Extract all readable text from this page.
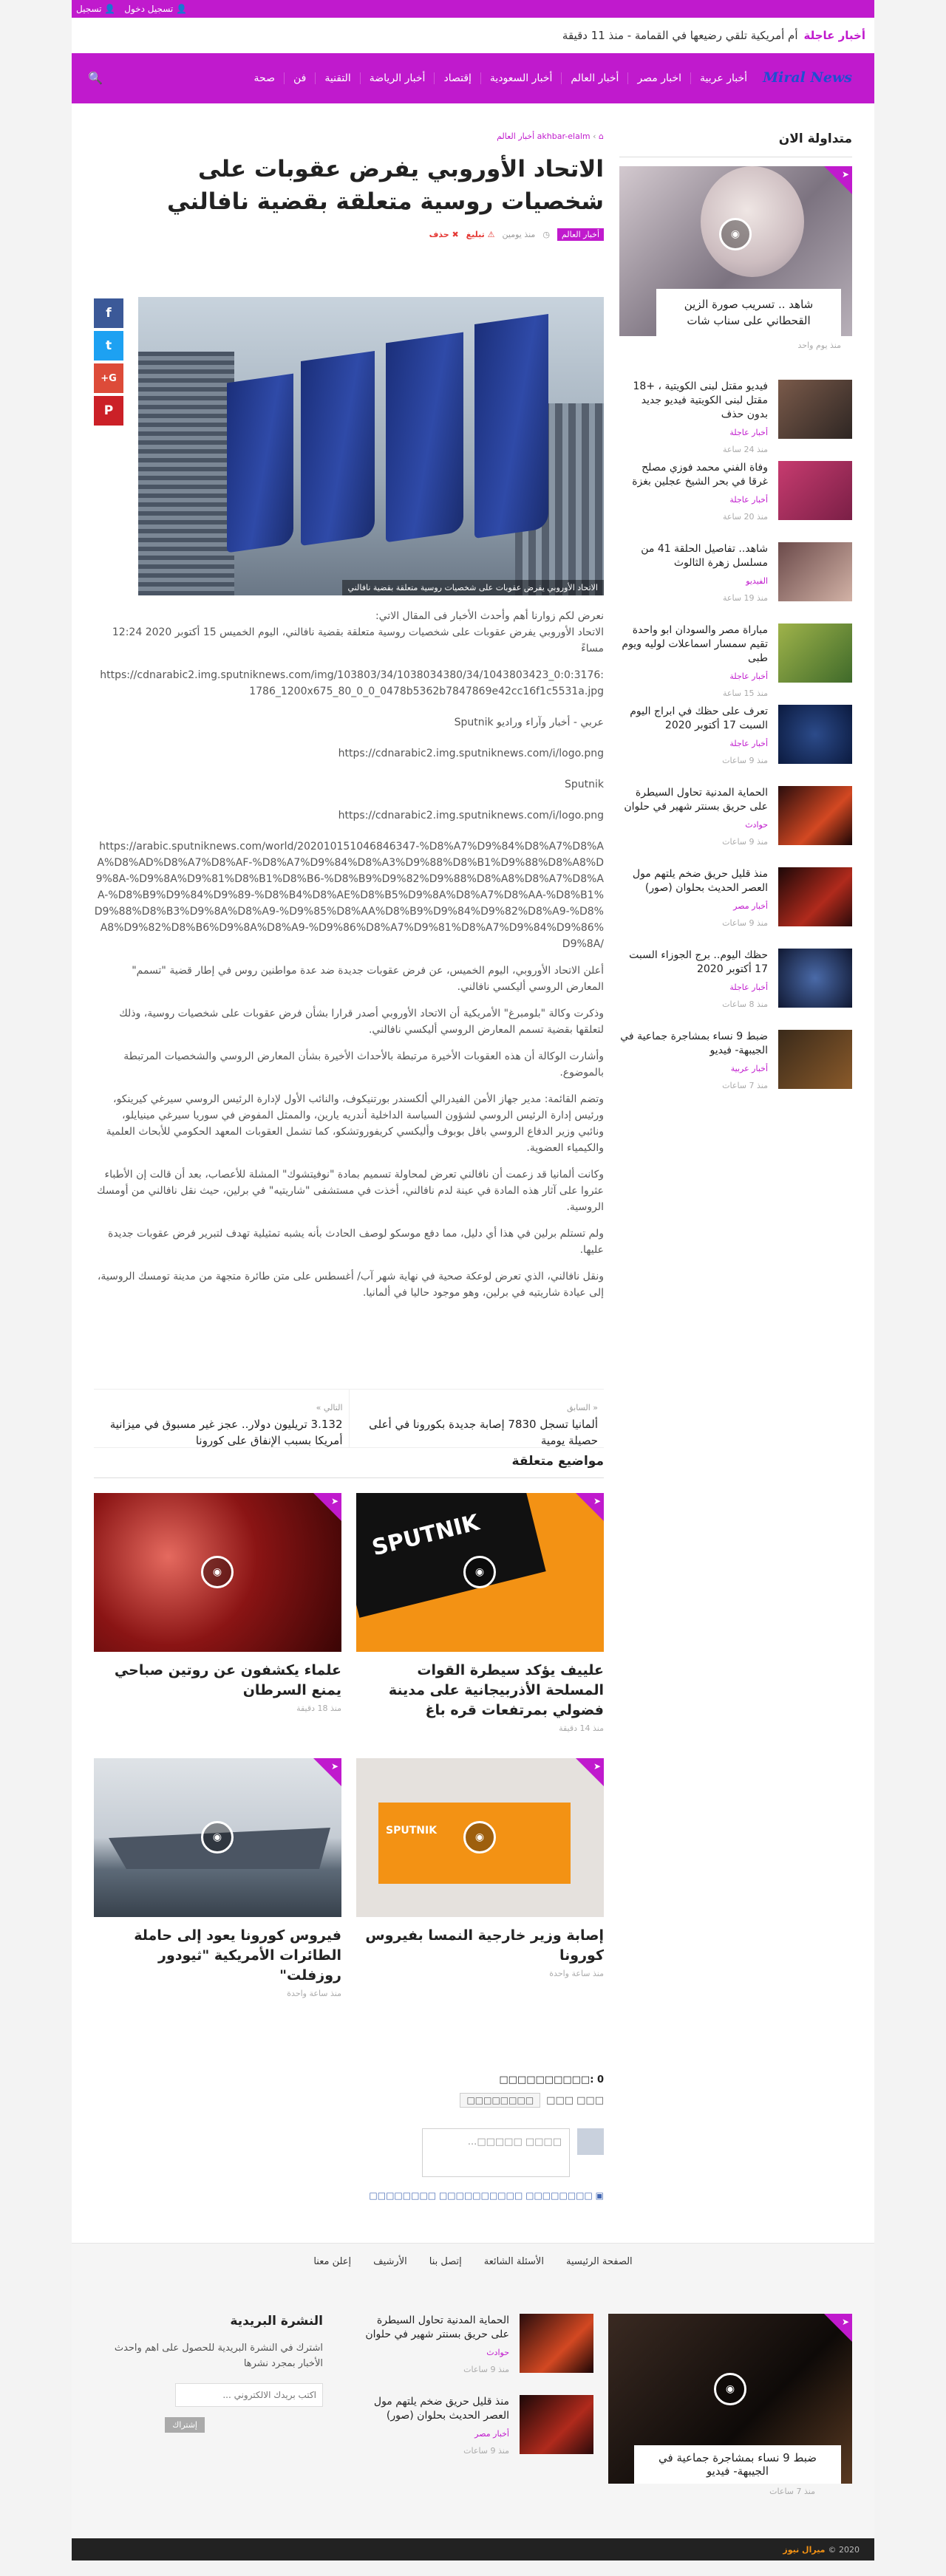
👤 تسجيل دخول
👤 تسجيل
أخبار عاجلة
أم أمريكية تلقي رضيعها في القمامة - منذ 11 دقيقة
Miral News
أخبار عربية
اخبار مصر
أخبار العالم
أخبار السعودية
إقتصاد
أخبار الرياضة
التقنية
فن
صحة
🔍
متداولة الان
➤
◉
شاهد .. تسريب صورة الزين القحطاني على سناب شات
منذ يوم واحد
فيديو مقتل لبنى الكويتية ، +18 مقتل لبنى الكويتية فيديو جديد بدون حذف
أخبار عاجلة
منذ 24 ساعة
وفاة الفني محمد فوزي مصلح غرقا في بحر الشيخ عجلين بغزة
أخبار عاجلة
منذ 20 ساعة
شاهد.. تفاصيل الحلقة 41 من مسلسل زهرة الثالوث
الفيديو
منذ 19 ساعة
مباراة مصر والسودان ابو واحدة تقيم سمسار اسماعلات لوليه ويوم طبى
أخبار عاجلة
منذ 15 ساعة
تعرف على حظك في ابراج اليوم السبت 17 أكتوبر 2020
أخبار عاجلة
منذ 9 ساعات
الحماية المدنية تحاول السيطرة على حريق بسنتر شهير في حلوان
حوادث
منذ 9 ساعات
منذ قليل حريق ضخم يلتهم مول العصر الحديث بحلوان (صور)
أخبار مصر
منذ 9 ساعات
حظك اليوم.. برج الجوزاء السبت 17 أكتوبر 2020
أخبار عاجلة
منذ 8 ساعات
ضبط 9 نساء بمشاجرة جماعية في الجيبهة- فيديو
أخبار عربية
منذ 7 ساعات
⌂ › akhbar-elalm أخبار العالم
الاتحاد الأوروبي يفرض عقوبات على شخصيات روسية متعلقة بقضية نافالني
أخبار العالم
◷
منذ يومين
⚠ تبليغ
✖ حذف
f
t
G+
P
الاتحاد الأوروبي يفرض عقوبات على شخصيات روسية متعلقة بقضية نافالني

نعرض لكم زوارنا أهم وأحدث الأخبار فى المقال الاتي:

الاتحاد الأوروبي يفرض عقوبات على شخصيات روسية متعلقة بقضية نافالني، اليوم الخميس 15 أكتوبر 2020 12:24 مساءً

https://cdnarabic2.img.sputniknews.com/img/103803/34/1038034380/34/1043803423_0:0:3176:1786_1200x675_80_0_0_0478b5362b7847869e42cc16f1c5531a.jpg

عربي - أخبار وآراء وراديو Sputnik

https://cdnarabic2.img.sputniknews.com/i/logo.png

Sputnik

https://cdnarabic2.img.sputniknews.com/i/logo.png

https://arabic.sputniknews.com/world/202010151046846347-%D8%A7%D9%84%D8%A7%D8%AA%D8%AD%D8%A7%D8%AF-%D8%A7%D9%84%D8%A3%D9%88%D8%B1%D9%88%D8%A8%D9%8A-%D9%8A%D9%81%D8%B1%D8%B6-%D8%B9%D9%82%D9%88%D8%A8%D8%A7%D8%AA-%D8%B9%D9%84%D9%89-%D8%B4%D8%AE%D8%B5%D9%8A%D8%A7%D8%AA-%D8%B1%D9%88%D8%B3%D9%8A%D8%A9-%D9%85%D8%AA%D8%B9%D9%84%D9%82%D8%A9-%D8%A8%D9%82%D8%B6%D9%8A%D8%A9-%D9%86%D8%A7%D9%81%D8%A7%D9%84%D9%86%D9%8A/

أعلن الاتحاد الأوروبي، اليوم الخميس، عن فرض عقوبات جديدة ضد عدة مواطنين روس في إطار قضية "تسمم" المعارض الروسي أليكسي نافالني.

وذكرت وكالة "بلومبرغ" الأمريكية أن الاتحاد الأوروبي أصدر قرارا بشأن فرض عقوبات على شخصيات روسية، وذلك لتعلقها بقضية تسمم المعارض الروسي أليكسي نافالني.

وأشارت الوكالة أن هذه العقوبات الأخيرة مرتبطة بالأحداث الأخيرة بشأن المعارض الروسي والشخصيات المرتبطة بالموضوع.

وتضم القائمة: مدير جهاز الأمن الفيدرالي ألكسندر بورتنيكوف، والنائب الأول لإدارة الرئيس الروسي سيرغي كيرينكو، ورئيس إدارة الرئيس الروسي لشؤون السياسة الداخلية أندريه يارين، والممثل المفوض في سوريا سيرغي مينيايلو، ونائبي وزير الدفاع الروسي بافل بوبوف وأليكسي كريفوروتشكو، كما تشمل العقوبات المعهد الحكومي للأبحاث العلمية والكيمياء العضوية.

وكانت ألمانيا قد زعمت أن نافالني تعرض لمحاولة تسميم بمادة "نوفيتشوك" المشلة للأعصاب، بعد أن قالت إن الأطباء عثروا على آثار هذه المادة في عينة لدم نافالني، أخذت في مستشفى "شاريتيه" في برلين، حيث نقل نافالني من أومسك الروسية.

ولم تستلم برلين في هذا أي دليل، مما دفع موسكو لوصف الحادث بأنه يشبه تمثيلية تهدف لتبرير فرض عقوبات جديدة عليها.

ونقل نافالني، الذي تعرض لوعكة صحية في نهاية شهر آب/ أغسطس على متن طائرة متجهة من مدينة تومسك الروسية، إلى عيادة شاريتيه في برلين، وهو موجود حاليا في ألمانيا.

« السابق
ألمانيا تسجل 7830 إصابة جديدة بكورونا في أعلى حصيلة يومية
التالي »
3.132 تريليون دولار.. عجز غير مسبوق في ميزانية أمريكا بسبب الإنفاق على كورونا
مواضيع متعلقة
SPUTNIK
◉
➤
علييف يؤكد سيطرة القوات المسلحة الأذربيجانية على مدينة فضولي بمرتفعات قره باغ
منذ 14 دقيقة
◉
➤
علماء يكشفون عن روتين صباحي يمنع السرطان
منذ 18 دقيقة
SPUTNIK
◉
➤
إصابة وزير خارجية النمسا بفيروس كورونا
منذ ساعة واحدة
◉
➤
فيروس كورونا يعود إلى حاملة الطائرات الأمريكية "ثيودور روزفلت"
منذ ساعة واحدة
0 :□□□□□□□□□□
□□□ □□□
□□□□□□□□
□□□□ □□□□□...
▣ □□□□□□□□ □□□□□□□□□□ □□□□□□□□
الصفحة الرئيسية
الأسئلة الشائعة
إتصل بنا
الأرشيف
إعلن معنا
➤
◉
ضبط 9 نساء بمشاجرة جماعية في الجيبهة- فيديو
منذ 7 ساعات
الحماية المدنية تحاول السيطرة على حريق بسنتر شهير في حلوان
حوادث
منذ 9 ساعات
منذ قليل حريق ضخم يلتهم مول العصر الحديث بحلوان (صور)
أخبار مصر
منذ 9 ساعات
النشرة البريدية
اشترك في النشرة البريدية للحصول على اهم واحدث الأخبار بمجرد نشرها
اكتب بريدك الالكتروني ... إشتراك
2020 ©
ميرال نيوز
